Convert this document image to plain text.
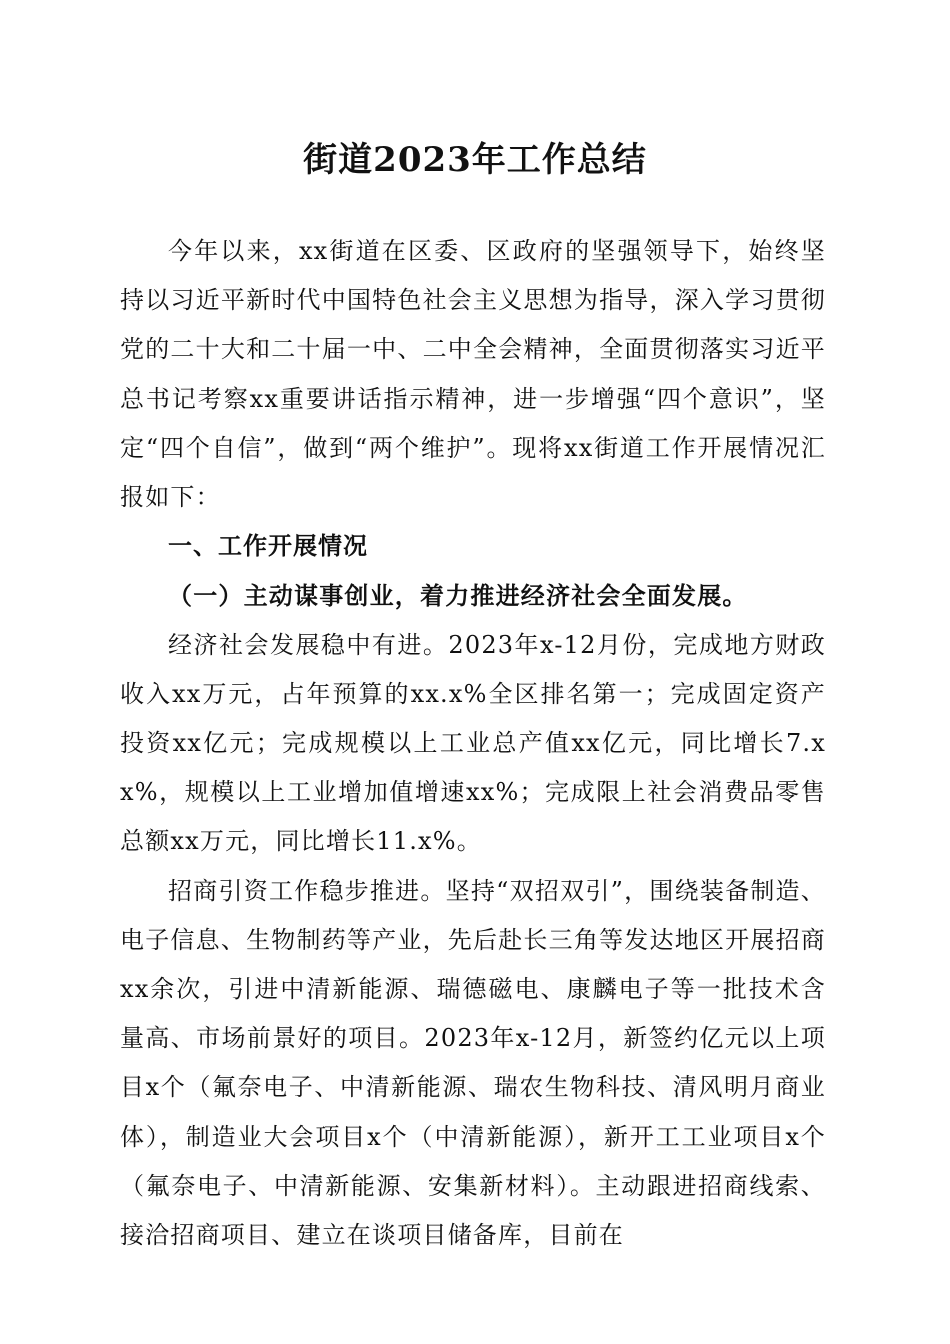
街道2023年工作总结

今年以来，xx街道在区委、区政府的坚强领导下，始终坚持以习近平新时代中国特色社会主义思想为指导，深入学习贯彻党的二十大和二十届一中、二中全会精神，全面贯彻落实习近平总书记考察xx重要讲话指示精神，进一步增强“四个意识”，坚定“四个自信”，做到“两个维护”。现将xx街道工作开展情况汇报如下：

一、工作开展情况

（一）主动谋事创业，着力推进经济社会全面发展。

经济社会发展稳中有进。2023年x-12月份，完成地方财政收入xx万元，占年预算的xx.x%全区排名第一；完成固定资产投资xx亿元；完成规模以上工业总产值xx亿元，同比增长7.xx%，规模以上工业增加值增速xx%；完成限上社会消费品零售总额xx万元，同比增长11.x%。

招商引资工作稳步推进。坚持“双招双引”，围绕装备制造、电子信息、生物制药等产业，先后赴长三角等发达地区开展招商xx余次，引进中清新能源、瑞德磁电、康麟电子等一批技术含量高、市场前景好的项目。2023年x-12月，新签约亿元以上项目x个（氟奈电子、中清新能源、瑞农生物科技、清风明月商业体），制造业大会项目x个（中清新能源），新开工工业项目x个（氟奈电子、中清新能源、安集新材料）。主动跟进招商线索、接洽招商项目、建立在谈项目储备库，目前在
